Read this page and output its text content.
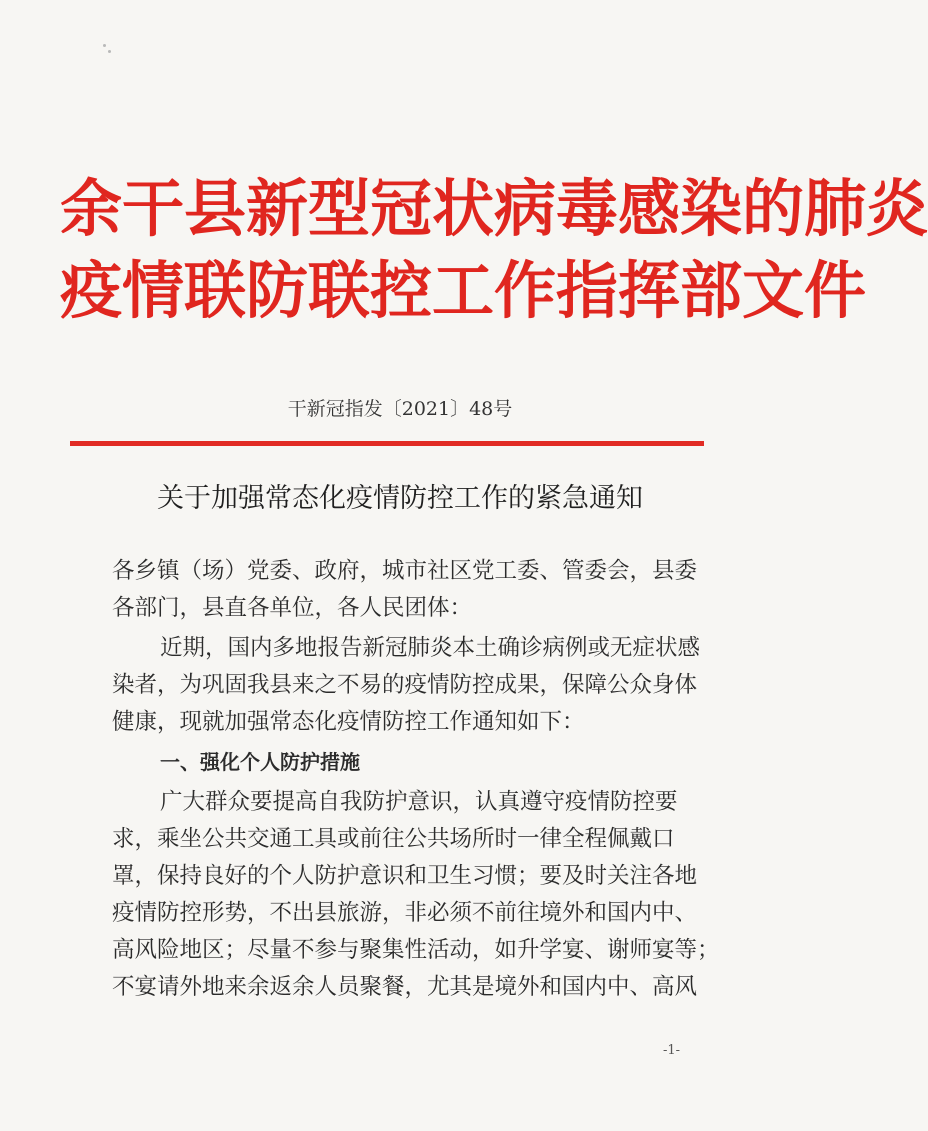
余干县新型冠状病毒感染的肺炎
疫情联防联控工作指挥部文件
干新冠指发〔2021〕48号
关于加强常态化疫情防控工作的紧急通知

各乡镇（场）党委、政府，城市社区党工委、管委会，县委

各部门，县直各单位，各人民团体：

近期，国内多地报告新冠肺炎本土确诊病例或无症状感

染者，为巩固我县来之不易的疫情防控成果，保障公众身体

健康，现就加强常态化疫情防控工作通知如下：

一、强化个人防护措施

广大群众要提高自我防护意识，认真遵守疫情防控要

求，乘坐公共交通工具或前往公共场所时一律全程佩戴口

罩，保持良好的个人防护意识和卫生习惯；要及时关注各地

疫情防控形势，不出县旅游，非必须不前往境外和国内中、

高风险地区；尽量不参与聚集性活动，如升学宴、谢师宴等；

不宴请外地来余返余人员聚餐，尤其是境外和国内中、高风

-1-
